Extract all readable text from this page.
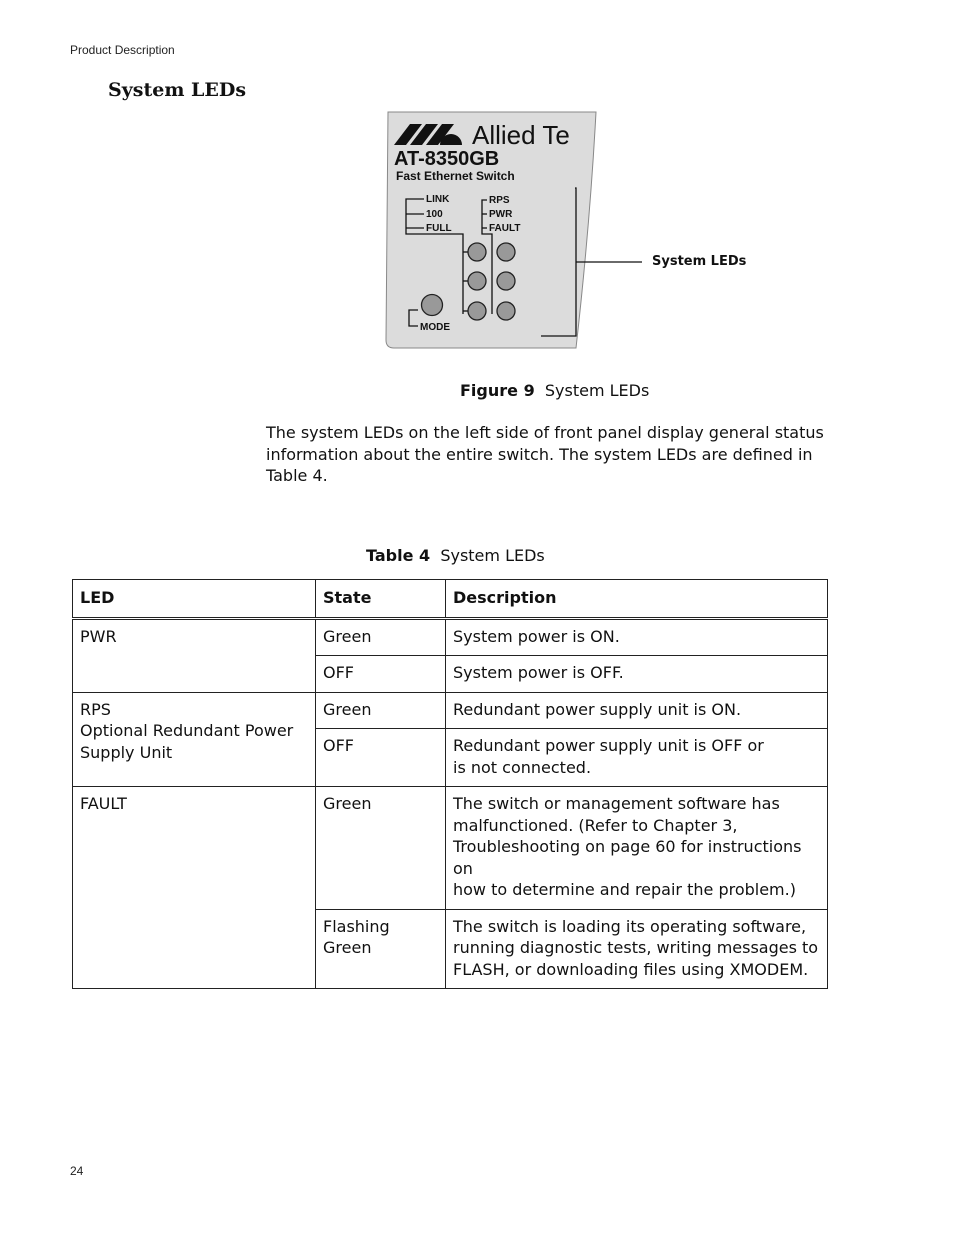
Product Description
System LEDs
Allied Te
AT-8350GB
Fast Ethernet Switch
LINK
100
FULL
RPS
PWR
FAULT
MODE
System LEDs
Figure 9 System LEDs
The system LEDs on the left side of front panel display general status information about the entire switch. The system LEDs are defined in Table 4.
Table 4 System LEDs
LED	State	Description
PWR	Green	System power is ON.
	OFF	System power is OFF.
RPS
Optional Redundant Power
Supply Unit	Green	Redundant power supply unit is ON.
	OFF	Redundant power supply unit is OFF or
is not connected.
FAULT	Green	The switch or management software has
malfunctioned. (Refer to Chapter 3,
Troubleshooting on page 60 for instructions on
how to determine and repair the problem.)
	Flashing Green	The switch is loading its operating software,
running diagnostic tests, writing messages to
FLASH, or downloading files using XMODEM.
24
